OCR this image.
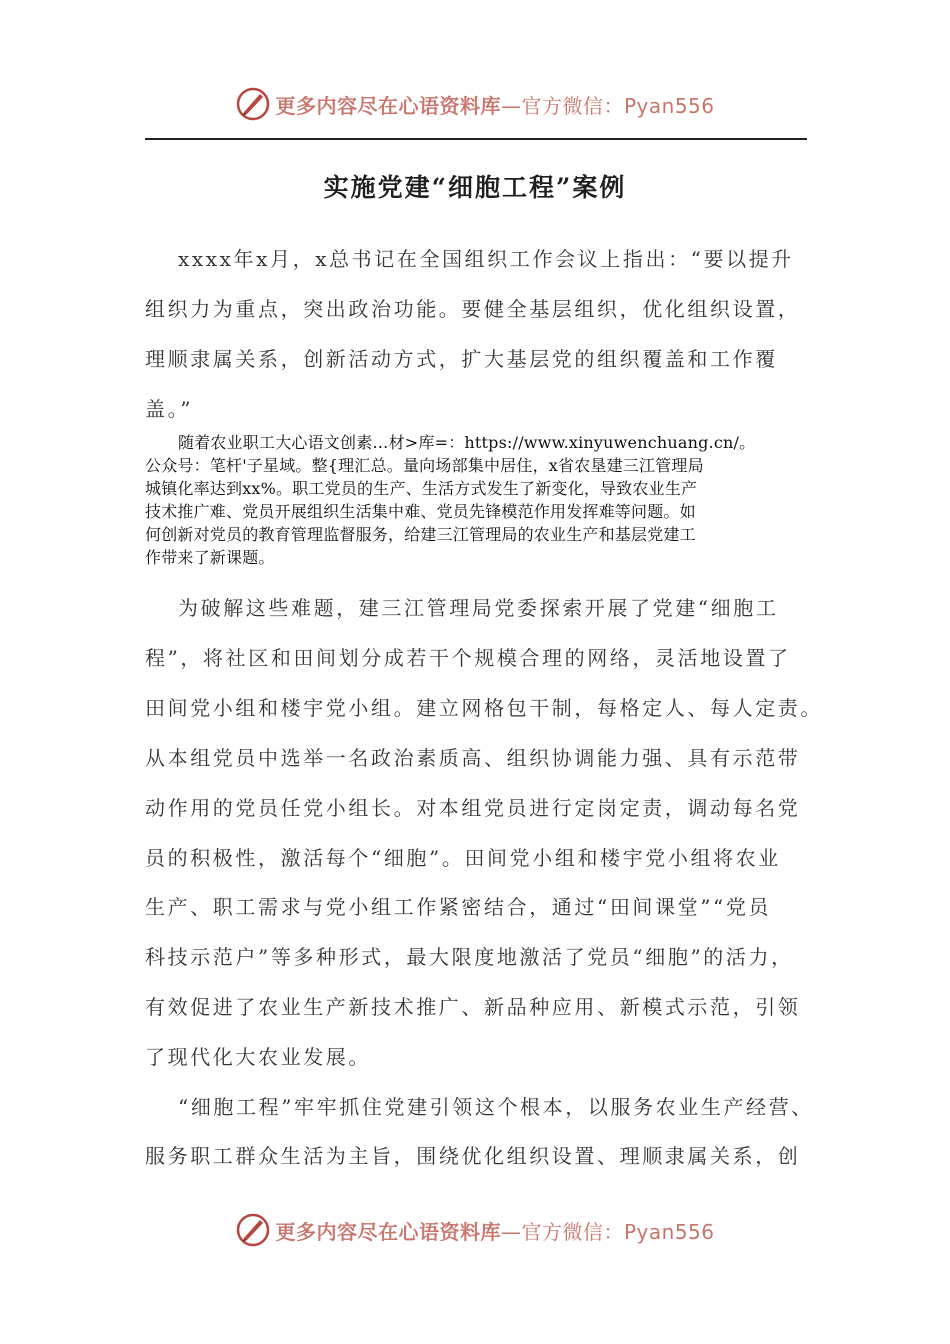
更多内容尽在心语资料库—官方微信：Pyan556
实施党建“细胞工程”案例
xxxx年x月，x总书记在全国组织工作会议上指出：“要以提升
组织力为重点，突出政治功能。要健全基层组织，优化组织设置，
理顺隶属关系，创新活动方式，扩大基层党的组织覆盖和工作覆
盖。”
随着农业职工大心语文创素…材>库=：https://www.xinyuwenchuang.cn/。
公众号：笔杆'子星域。整{理汇总。量向场部集中居住，x省农垦建三江管理局
城镇化率达到xx%。职工党员的生产、生活方式发生了新变化，导致农业生产
技术推广难、党员开展组织生活集中难、党员先锋模范作用发挥难等问题。如
何创新对党员的教育管理监督服务，给建三江管理局的农业生产和基层党建工
作带来了新课题。
为破解这些难题，建三江管理局党委探索开展了党建“细胞工
程”，将社区和田间划分成若干个规模合理的网络，灵活地设置了
田间党小组和楼宇党小组。建立网格包干制，每格定人、每人定责。
从本组党员中选举一名政治素质高、组织协调能力强、具有示范带
动作用的党员任党小组长。对本组党员进行定岗定责，调动每名党
员的积极性，激活每个“细胞”。田间党小组和楼宇党小组将农业
生产、职工需求与党小组工作紧密结合，通过“田间课堂”“党员
科技示范户”等多种形式，最大限度地激活了党员“细胞”的活力，
有效促进了农业生产新技术推广、新品种应用、新模式示范，引领
了现代化大农业发展。
“细胞工程”牢牢抓住党建引领这个根本，以服务农业生产经营、
服务职工群众生活为主旨，围绕优化组织设置、理顺隶属关系，创
更多内容尽在心语资料库—官方微信：Pyan556
